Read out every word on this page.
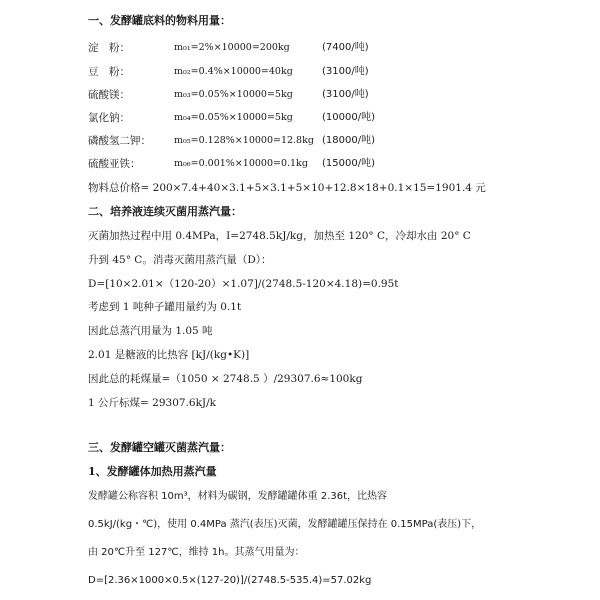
一、发酵罐底料的物料用量：
淀　粉：	m₀₁=2%×10000=200kg	(7400/吨)
豆　粉：	m₀₂=0.4%×10000=40kg	(3100/吨)
硫酸镁：	m₀₃=0.05%×10000=5kg	(3100/吨)
氯化钠：	m₀₄=0.05%×10000=5kg	(10000/吨)
磷酸氢二钾： m₀₅=0.128%×10000=12.8kg (18000/吨)
硫酸亚铁：	m₀₆=0.001%×10000=0.1kg (15000/吨)
物料总价格= 200×7.4+40×3.1+5×3.1+5×10+12.8×18+0.1×15=1901.4 元
二、培养液连续灭菌用蒸汽量：
灭菌加热过程中用 0.4MPa，I=2748.5kJ/kg，加热至 120° C，冷却水由 20° C
升到 45° C。消毒灭菌用蒸汽量（D）：
D=[10×2.01×（120-20）×1.07]/(2748.5-120×4.18)=0.95t
考虑到 1 吨种子罐用量约为 0.1t
因此总蒸汽用量为 1.05 吨
2.01 是糖液的比热容 [kJ/(kg•K)]
因此总的耗煤量=（1050 × 2748.5 ）/29307.6≈100kg
1 公斤标煤= 29307.6kJ/k
三、发酵罐空罐灭菌蒸汽量：
1、发酵罐体加热用蒸汽量
发酵罐公称容积 10m³，材料为碳钢，发酵罐罐体重 2.36t，比热容
0.5kJ/(kg・℃)，使用 0.4MPa 蒸汽(表压)灭菌，发酵罐罐压保持在 0.15MPa(表压)下，
由 20℃升至 127℃，维持 1h。其蒸气用量为：
D=[2.36×1000×0.5×(127-20)]/(2748.5-535.4)=57.02kg
